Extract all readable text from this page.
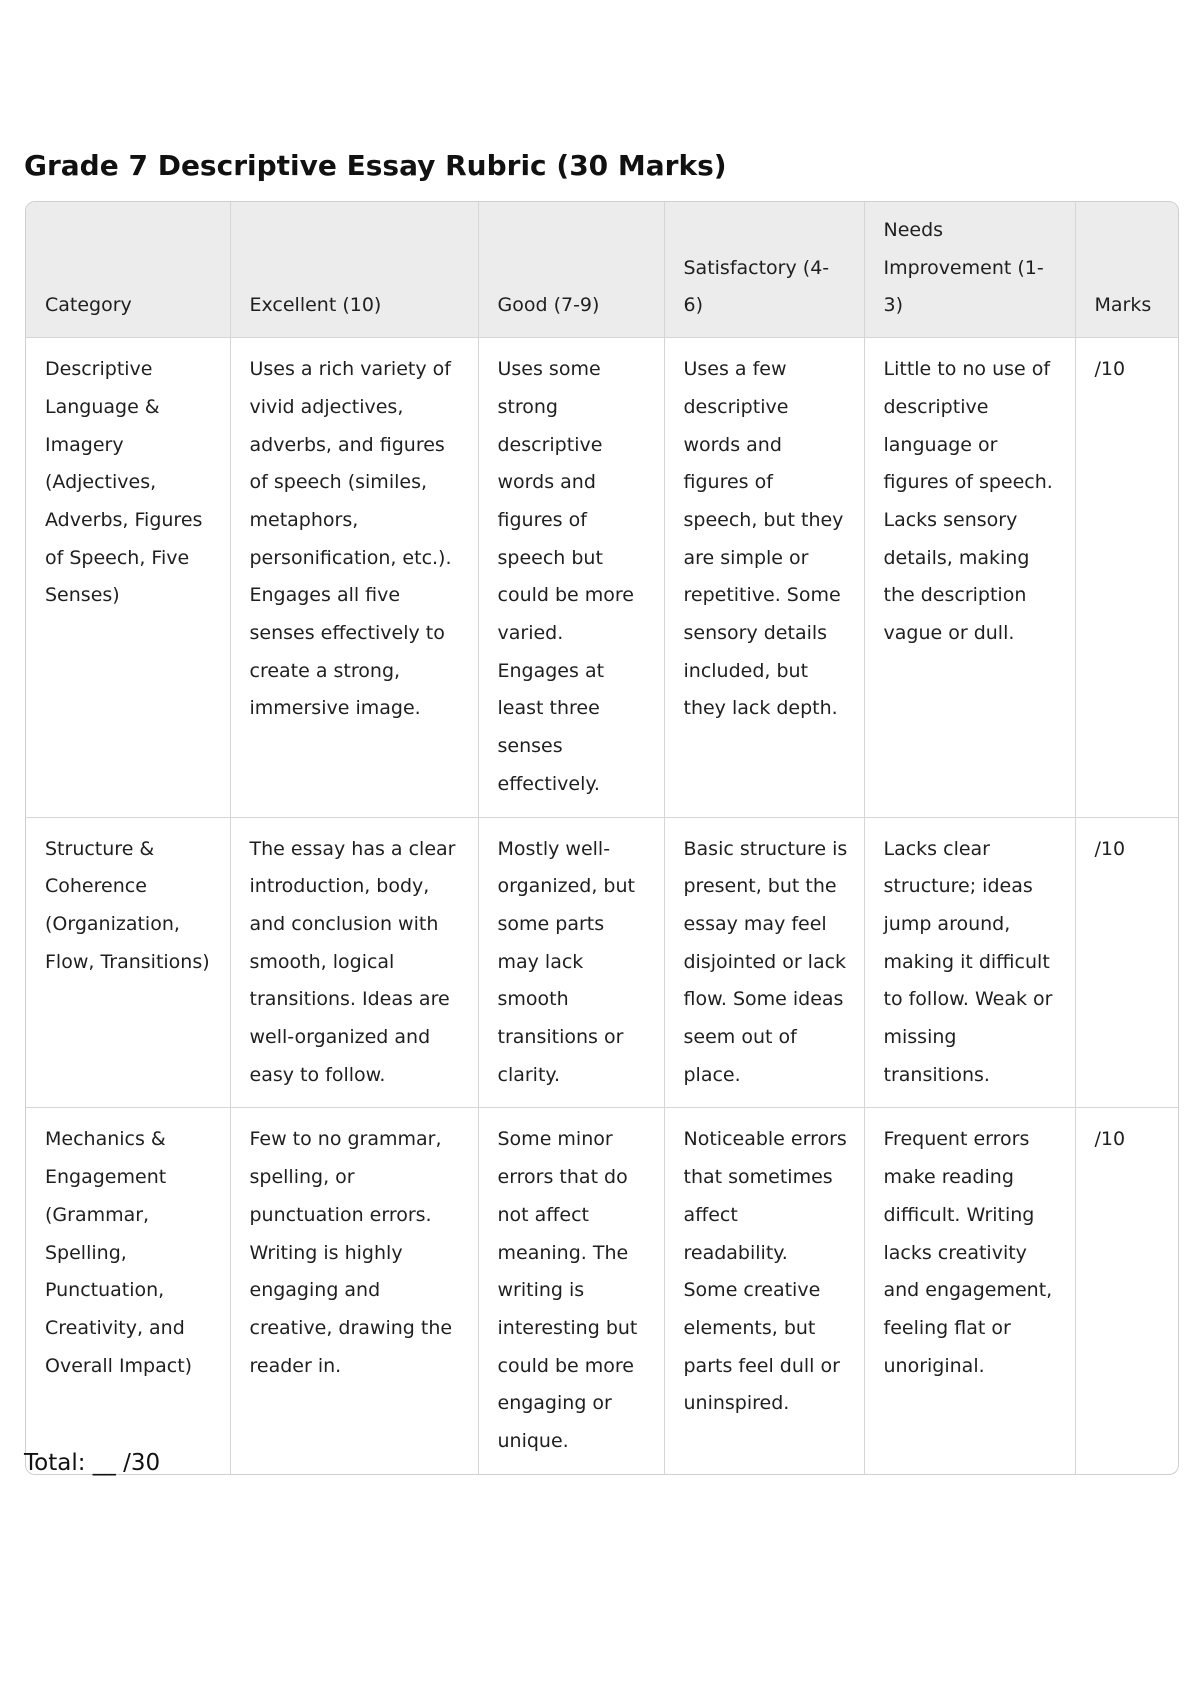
Grade 7 Descriptive Essay Rubric (30 Marks)
Category	Excellent (10)	Good (7-9)	Satisfactory (4-6)	Needs Improvement (1-3)	Marks
Descriptive Language & Imagery (Adjectives, Adverbs, Figures of Speech, Five Senses)	Uses a rich variety of vivid adjectives, adverbs, and figures of speech (similes, metaphors, personification, etc.). Engages all five senses effectively to create a strong, immersive image.	Uses some strong descriptive words and figures of speech but could be more varied. Engages at least three senses effectively.	Uses a few descriptive words and figures of speech, but they are simple or repetitive. Some sensory details included, but they lack depth.	Little to no use of descriptive language or figures of speech. Lacks sensory details, making the description vague or dull.	/10
Structure & Coherence (Organization, Flow, Transitions)	The essay has a clear introduction, body, and conclusion with smooth, logical transitions. Ideas are well-organized and easy to follow.	Mostly well-organized, but some parts may lack smooth transitions or clarity.	Basic structure is present, but the essay may feel disjointed or lack flow. Some ideas seem out of place.	Lacks clear structure; ideas jump around, making it difficult to follow. Weak or missing transitions.	/10
Mechanics & Engagement (Grammar, Spelling, Punctuation, Creativity, and Overall Impact)	Few to no grammar, spelling, or punctuation errors. Writing is highly engaging and creative, drawing the reader in.	Some minor errors that do not affect meaning. The writing is interesting but could be more engaging or unique.	Noticeable errors that sometimes affect readability. Some creative elements, but parts feel dull or uninspired.	Frequent errors make reading difficult. Writing lacks creativity and engagement, feeling flat or unoriginal.	/10
Total: __ /30
